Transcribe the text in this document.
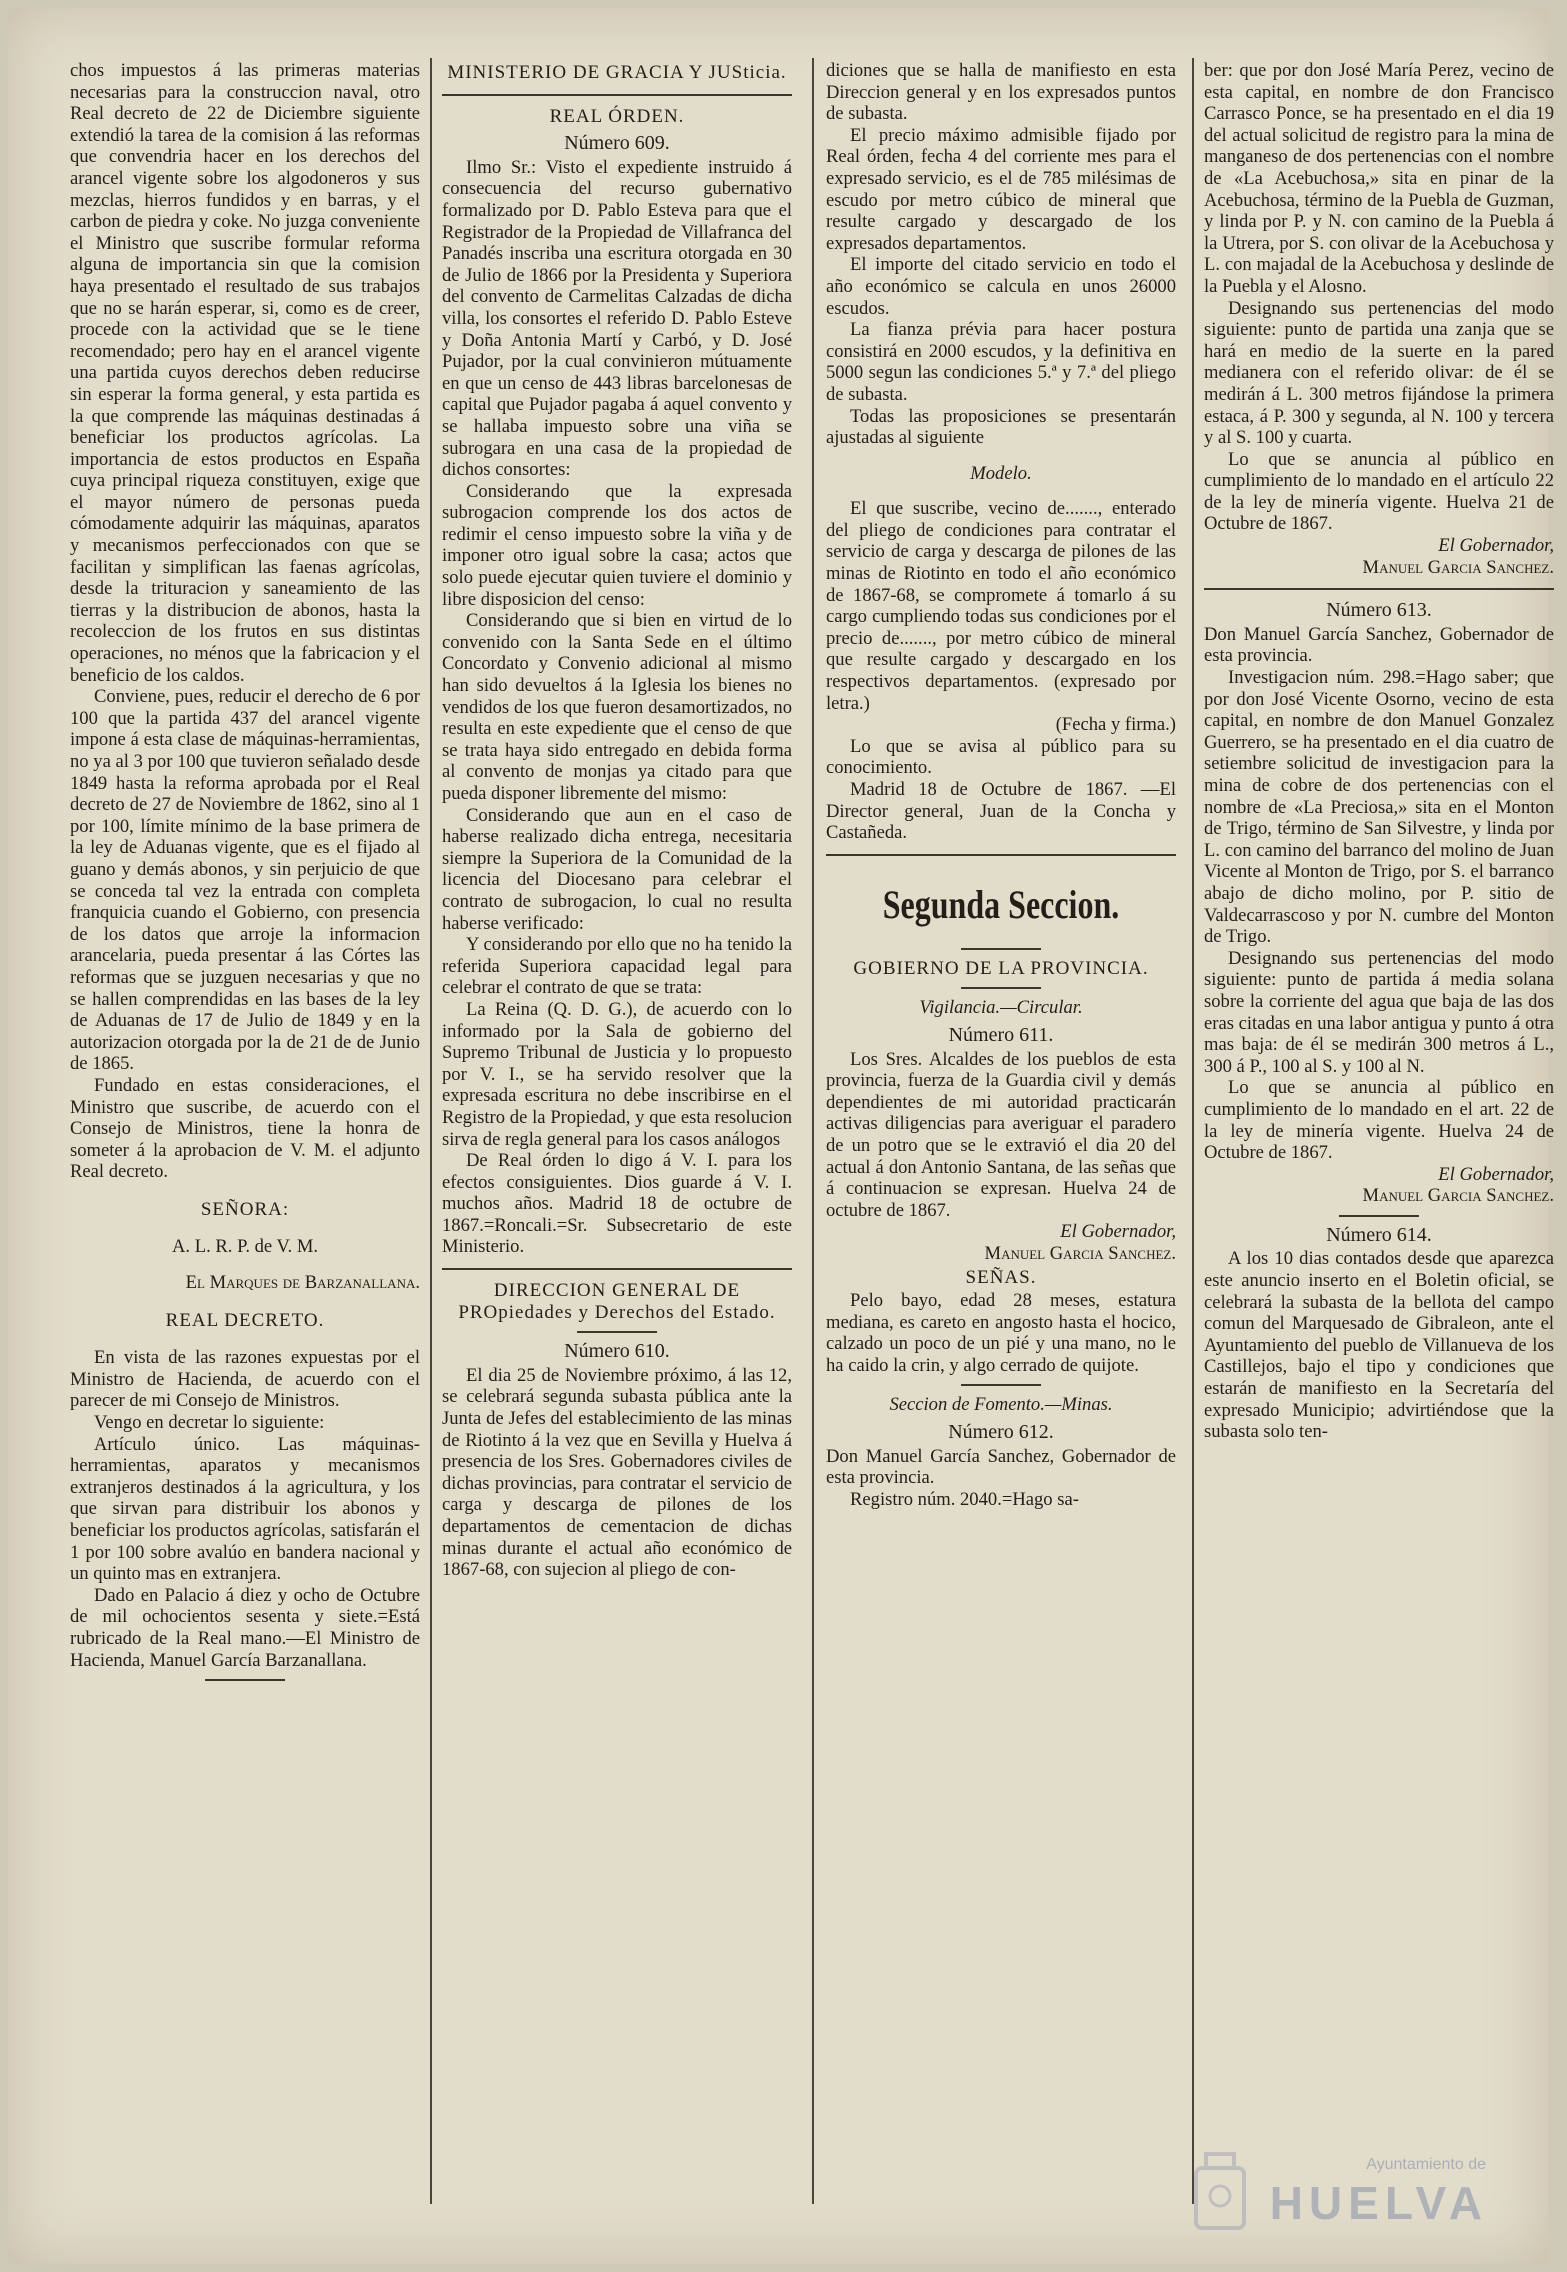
chos impuestos á las primeras materias necesarias para la construccion naval, otro Real decreto de 22 de Diciembre siguiente extendió la tarea de la comision á las reformas que convendria hacer en los derechos del arancel vigente sobre los algodoneros y sus mezclas, hierros fundidos y en barras, y el carbon de piedra y coke. No juzga conveniente el Ministro que suscribe formular reforma alguna de importancia sin que la comision haya presentado el resultado de sus trabajos que no se harán esperar, si, como es de creer, procede con la actividad que se le tiene recomendado; pero hay en el arancel vigente una partida cuyos derechos deben reducirse sin esperar la forma general, y esta partida es la que comprende las máquinas destinadas á beneficiar los productos agrícolas. La importancia de estos productos en España cuya principal riqueza constituyen, exige que el mayor número de personas pueda cómodamente adquirir las máquinas, aparatos y mecanismos perfeccionados con que se facilitan y simplifican las faenas agrícolas, desde la trituracion y saneamiento de las tierras y la distribucion de abonos, hasta la recoleccion de los frutos en sus distintas operaciones, no ménos que la fabricacion y el beneficio de los caldos.

Conviene, pues, reducir el derecho de 6 por 100 que la partida 437 del arancel vigente impone á esta clase de máquinas-herramientas, no ya al 3 por 100 que tuvieron señalado desde 1849 hasta la reforma aprobada por el Real decreto de 27 de Noviembre de 1862, sino al 1 por 100, límite mínimo de la base primera de la ley de Aduanas vigente, que es el fijado al guano y demás abonos, y sin perjuicio de que se conceda tal vez la entrada con completa franquicia cuando el Gobierno, con presencia de los datos que arroje la informacion arancelaria, pueda presentar á las Córtes las reformas que se juzguen necesarias y que no se hallen comprendidas en las bases de la ley de Aduanas de 17 de Julio de 1849 y en la autorizacion otorgada por la de 21 de de Junio de 1865.

Fundado en estas consideraciones, el Ministro que suscribe, de acuerdo con el Consejo de Ministros, tiene la honra de someter á la aprobacion de V. M. el adjunto Real decreto.

SEÑORA:
A. L. R. P. de V. M.
El Marques de Barzanallana.
REAL DECRETO.

En vista de las razones expuestas por el Ministro de Hacienda, de acuerdo con el parecer de mi Consejo de Ministros.

Vengo en decretar lo siguiente:

Artículo único. Las máquinas-herramientas, aparatos y mecanismos extranjeros destinados á la agricultura, y los que sirvan para distribuir los abonos y beneficiar los productos agrícolas, satisfarán el 1 por 100 sobre avalúo en bandera nacional y un quinto mas en extranjera.

Dado en Palacio á diez y ocho de Octubre de mil ochocientos sesenta y siete.=Está rubricado de la Real mano.—El Ministro de Hacienda, Manuel García Barzanallana.

MINISTERIO DE GRACIA Y JUSticia.
REAL ÓRDEN.
Número 609.

Ilmo Sr.: Visto el expediente instruido á consecuencia del recurso gubernativo formalizado por D. Pablo Esteva para que el Registrador de la Propiedad de Villafranca del Panadés inscriba una escritura otorgada en 30 de Julio de 1866 por la Presidenta y Superiora del convento de Carmelitas Calzadas de dicha villa, los consortes el referido D. Pablo Esteve y Doña Antonia Martí y Carbó, y D. José Pujador, por la cual convinieron mútuamente en que un censo de 443 libras barcelonesas de capital que Pujador pagaba á aquel convento y se hallaba impuesto sobre una viña se subrogara en una casa de la propiedad de dichos consortes:

Considerando que la expresada subrogacion comprende los dos actos de redimir el censo impuesto sobre la viña y de imponer otro igual sobre la casa; actos que solo puede ejecutar quien tuviere el dominio y libre disposicion del censo:

Considerando que si bien en virtud de lo convenido con la Santa Sede en el último Concordato y Convenio adicional al mismo han sido devueltos á la Iglesia los bienes no vendidos de los que fueron desamortizados, no resulta en este expediente que el censo de que se trata haya sido entregado en debida forma al convento de monjas ya citado para que pueda disponer libremente del mismo:

Considerando que aun en el caso de haberse realizado dicha entrega, necesitaria siempre la Superiora de la Comunidad de la licencia del Diocesano para celebrar el contrato de subrogacion, lo cual no resulta haberse verificado:

Y considerando por ello que no ha tenido la referida Superiora capacidad legal para celebrar el contrato de que se trata:

La Reina (Q. D. G.), de acuerdo con lo informado por la Sala de gobierno del Supremo Tribunal de Justicia y lo propuesto por V. I., se ha servido resolver que la expresada escritura no debe inscribirse en el Registro de la Propiedad, y que esta resolucion sirva de regla general para los casos análogos

De Real órden lo digo á V. I. para los efectos consiguientes. Dios guarde á V. I. muchos años. Madrid 18 de octubre de 1867.=Roncali.=Sr. Subsecretario de este Ministerio.

DIRECCION GENERAL DE PROpiedades y Derechos del Estado.
Número 610.

El dia 25 de Noviembre próximo, á las 12, se celebrará segunda subasta pública ante la Junta de Jefes del establecimiento de las minas de Riotinto á la vez que en Sevilla y Huelva á presencia de los Sres. Gobernadores civiles de dichas provincias, para contratar el servicio de carga y descarga de pilones de los departamentos de cementacion de dichas minas durante el actual año económico de 1867-68, con sujecion al pliego de con-

diciones que se halla de manifiesto en esta Direccion general y en los expresados puntos de subasta.

El precio máximo admisible fijado por Real órden, fecha 4 del corriente mes para el expresado servicio, es el de 785 milésimas de escudo por metro cúbico de mineral que resulte cargado y descargado de los expresados departamentos.

El importe del citado servicio en todo el año económico se calcula en unos 26000 escudos.

La fianza prévia para hacer postura consistirá en 2000 escudos, y la definitiva en 5000 segun las condiciones 5.ª y 7.ª del pliego de subasta.

Todas las proposiciones se presentarán ajustadas al siguiente

Modelo.

El que suscribe, vecino de......., enterado del pliego de condiciones para contratar el servicio de carga y descarga de pilones de las minas de Riotinto en todo el año económico de 1867-68, se compromete á tomarlo á su cargo cumpliendo todas sus condiciones por el precio de......., por metro cúbico de mineral que resulte cargado y descargado en los respectivos departamentos. (expresado por letra.)

(Fecha y firma.)

Lo que se avisa al público para su conocimiento.

Madrid 18 de Octubre de 1867. —El Director general, Juan de la Concha y Castañeda.

Segunda Seccion.
GOBIERNO DE LA PROVINCIA.
Vigilancia.—Circular.
Número 611.

Los Sres. Alcaldes de los pueblos de esta provincia, fuerza de la Guardia civil y demás dependientes de mi autoridad practicarán activas diligencias para averiguar el paradero de un potro que se le extravió el dia 20 del actual á don Antonio Santana, de las señas que á continuacion se expresan. Huelva 24 de octubre de 1867.

El Gobernador,
Manuel Garcia Sanchez.
SEÑAS.

Pelo bayo, edad 28 meses, estatura mediana, es careto en angosto hasta el hocico, calzado un poco de un pié y una mano, no le ha caido la crin, y algo cerrado de quijote.

Seccion de Fomento.—Minas.
Número 612.

Don Manuel García Sanchez, Gobernador de esta provincia.

Registro núm. 2040.=Hago sa-

ber: que por don José María Perez, vecino de esta capital, en nombre de don Francisco Carrasco Ponce, se ha presentado en el dia 19 del actual solicitud de registro para la mina de manganeso de dos pertenencias con el nombre de «La Acebuchosa,» sita en pinar de la Acebuchosa, término de la Puebla de Guzman, y linda por P. y N. con camino de la Puebla á la Utrera, por S. con olivar de la Acebuchosa y L. con majadal de la Acebuchosa y deslinde de la Puebla y el Alosno.

Designando sus pertenencias del modo siguiente: punto de partida una zanja que se hará en medio de la suerte en la pared medianera con el referido olivar: de él se medirán á L. 300 metros fijándose la primera estaca, á P. 300 y segunda, al N. 100 y tercera y al S. 100 y cuarta.

Lo que se anuncia al público en cumplimiento de lo mandado en el artículo 22 de la ley de minería vigente. Huelva 21 de Octubre de 1867.

El Gobernador,
Manuel Garcia Sanchez.
Número 613.

Don Manuel García Sanchez, Gobernador de esta provincia.

Investigacion núm. 298.=Hago saber; que por don José Vicente Osorno, vecino de esta capital, en nombre de don Manuel Gonzalez Guerrero, se ha presentado en el dia cuatro de setiembre solicitud de investigacion para la mina de cobre de dos pertenencias con el nombre de «La Preciosa,» sita en el Monton de Trigo, término de San Silvestre, y linda por L. con camino del barranco del molino de Juan Vicente al Monton de Trigo, por S. el barranco abajo de dicho molino, por P. sitio de Valdecarrascoso y por N. cumbre del Monton de Trigo.

Designando sus pertenencias del modo siguiente: punto de partida á media solana sobre la corriente del agua que baja de las dos eras citadas en una labor antigua y punto á otra mas baja: de él se medirán 300 metros á L., 300 á P., 100 al S. y 100 al N.

Lo que se anuncia al público en cumplimiento de lo mandado en el art. 22 de la ley de minería vigente. Huelva 24 de Octubre de 1867.

El Gobernador,
Manuel Garcia Sanchez.
Número 614.

A los 10 dias contados desde que aparezca este anuncio inserto en el Boletin oficial, se celebrará la subasta de la bellota del campo comun del Marquesado de Gibraleon, ante el Ayuntamiento del pueblo de Villanueva de los Castillejos, bajo el tipo y condiciones que estarán de manifiesto en la Secretaría del expresado Municipio; advirtiéndose que la subasta solo ten-

Ayuntamiento de
HUELVA
